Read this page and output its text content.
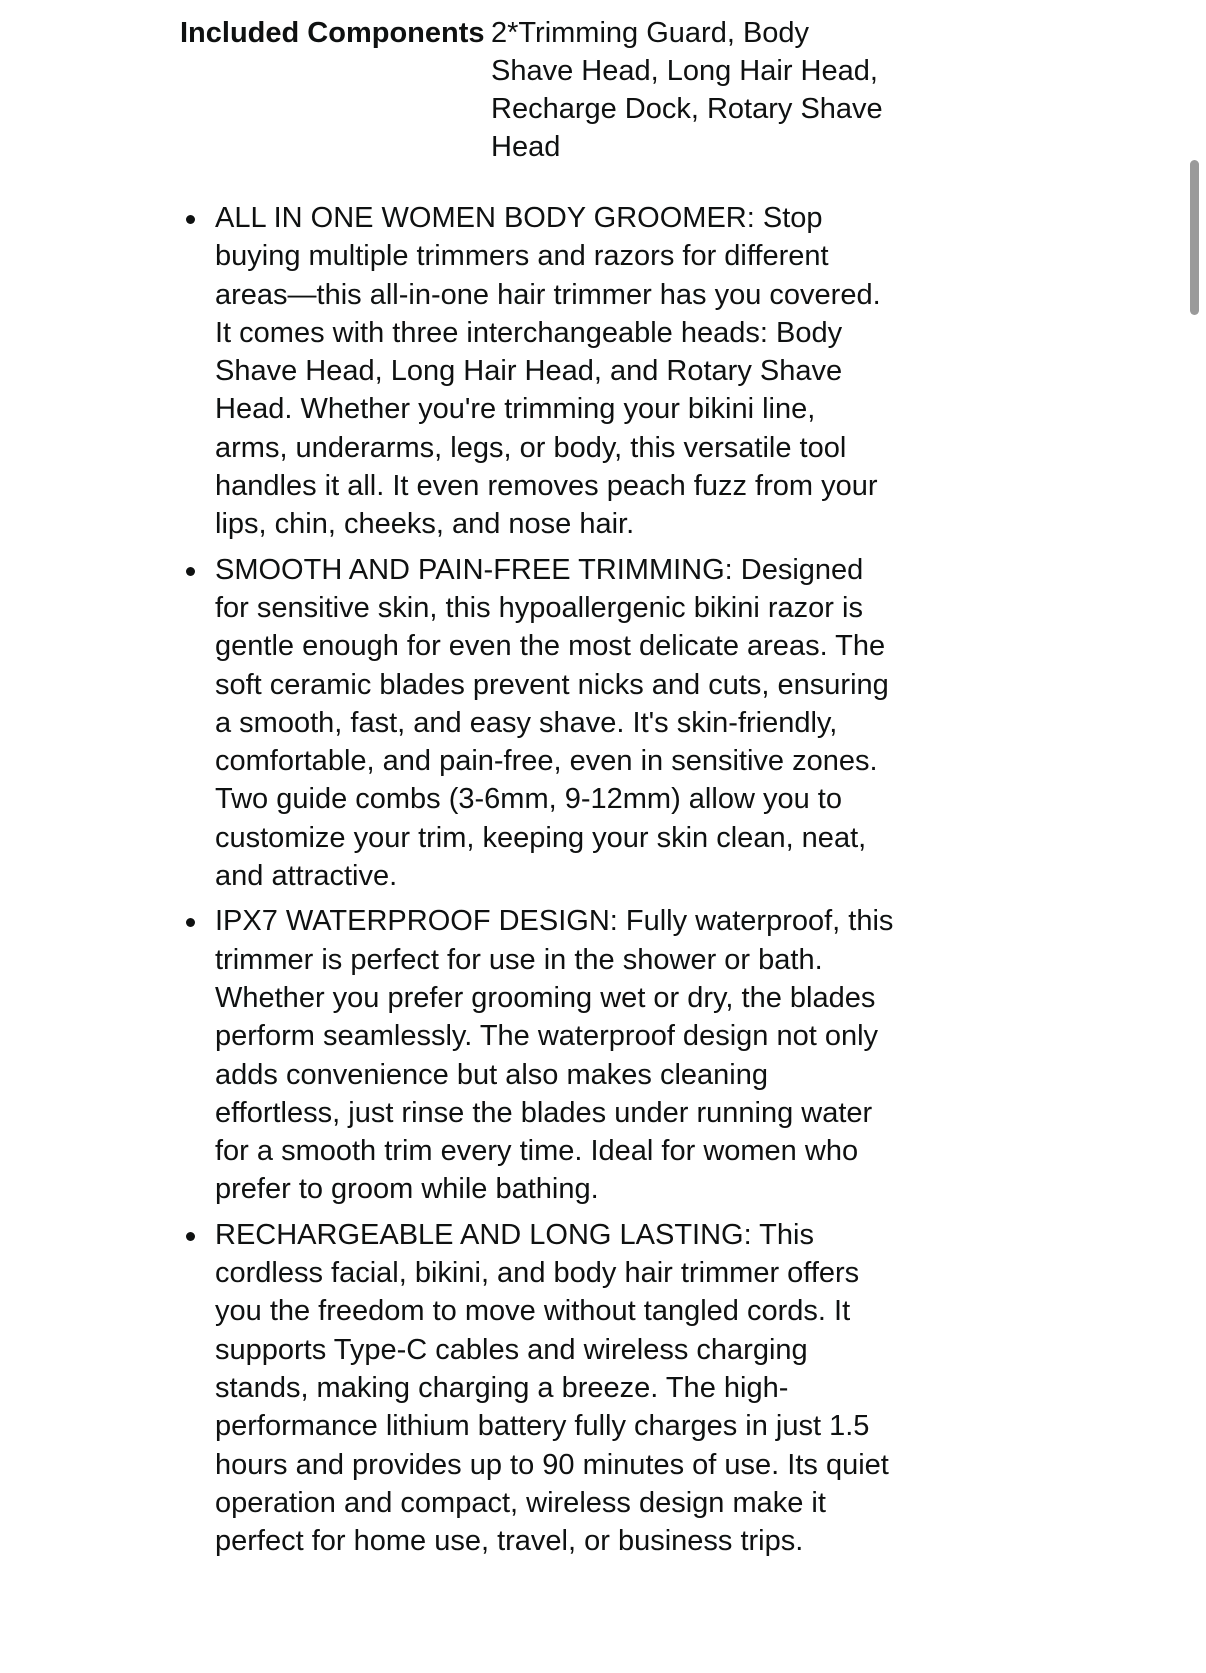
Included Components 2*Trimming Guard, Body Shave Head, Long Hair Head, Recharge Dock, Rotary Shave Head
ALL IN ONE WOMEN BODY GROOMER: Stop buying multiple trimmers and razors for different areas—this all-in-one hair trimmer has you covered. It comes with three interchangeable heads: Body Shave Head, Long Hair Head, and Rotary Shave Head. Whether you're trimming your bikini line, arms, underarms, legs, or body, this versatile tool handles it all. It even removes peach fuzz from your lips, chin, cheeks, and nose hair.
SMOOTH AND PAIN-FREE TRIMMING: Designed for sensitive skin, this hypoallergenic bikini razor is gentle enough for even the most delicate areas. The soft ceramic blades prevent nicks and cuts, ensuring a smooth, fast, and easy shave. It's skin-friendly, comfortable, and pain-free, even in sensitive zones. Two guide combs (3-6mm, 9-12mm) allow you to customize your trim, keeping your skin clean, neat, and attractive.
IPX7 WATERPROOF DESIGN: Fully waterproof, this trimmer is perfect for use in the shower or bath. Whether you prefer grooming wet or dry, the blades perform seamlessly. The waterproof design not only adds convenience but also makes cleaning effortless, just rinse the blades under running water for a smooth trim every time. Ideal for women who prefer to groom while bathing.
RECHARGEABLE AND LONG LASTING: This cordless facial, bikini, and body hair trimmer offers you the freedom to move without tangled cords. It supports Type-C cables and wireless charging stands, making charging a breeze. The high-performance lithium battery fully charges in just 1.5 hours and provides up to 90 minutes of use. Its quiet operation and compact, wireless design make it perfect for home use, travel, or business trips.
